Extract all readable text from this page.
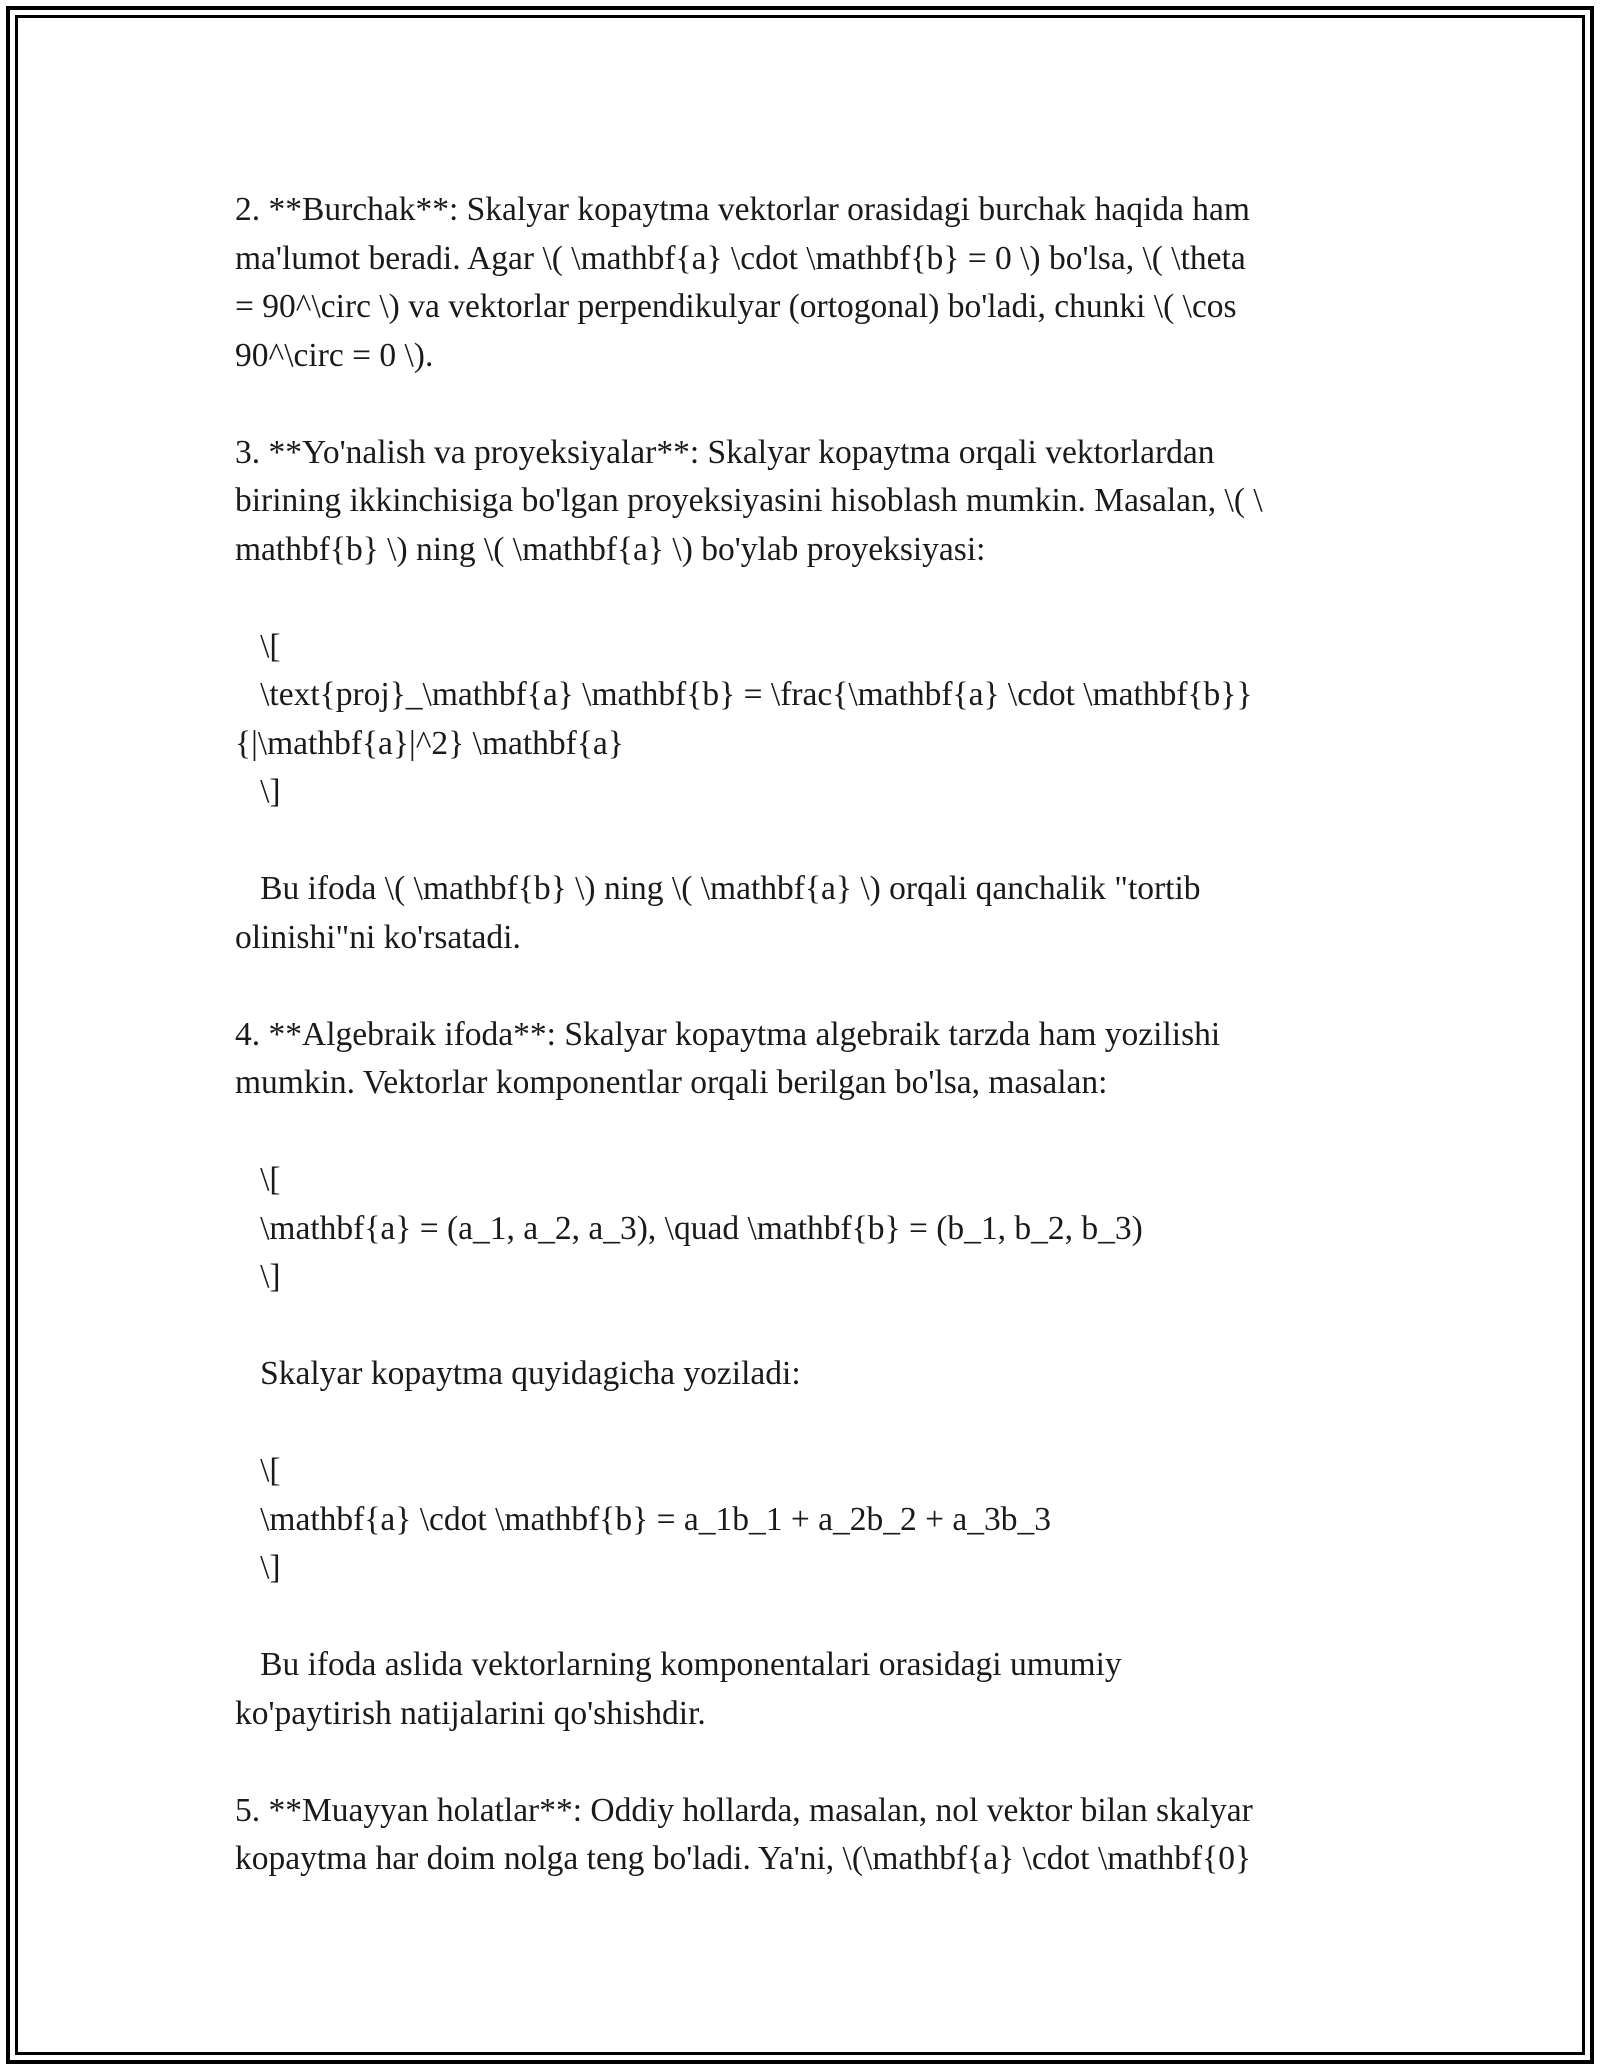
2. **Burchak**: Skalyar kopaytma vektorlar orasidagi burchak haqida ham

ma'lumot beradi. Agar \( \mathbf{a} \cdot \mathbf{b} = 0 \) bo'lsa, \( \theta

= 90^\circ \) va vektorlar perpendikulyar (ortogonal) bo'ladi, chunki \( \cos

90^\circ = 0 \).

3. **Yo'nalish va proyeksiyalar**: Skalyar kopaytma orqali vektorlardan

birining ikkinchisiga bo'lgan proyeksiyasini hisoblash mumkin. Masalan, \( \

mathbf{b} \) ning \( \mathbf{a} \) bo'ylab proyeksiyasi:

\[

\text{proj}_\mathbf{a} \mathbf{b} = \frac{\mathbf{a} \cdot \mathbf{b}}

{|\mathbf{a}|^2} \mathbf{a}

\]

Bu ifoda \( \mathbf{b} \) ning \( \mathbf{a} \) orqali qanchalik "tortib

olinishi"ni ko'rsatadi.

4. **Algebraik ifoda**: Skalyar kopaytma algebraik tarzda ham yozilishi

mumkin. Vektorlar komponentlar orqali berilgan bo'lsa, masalan:

\[

\mathbf{a} = (a_1, a_2, a_3), \quad \mathbf{b} = (b_1, b_2, b_3)

\]

Skalyar kopaytma quyidagicha yoziladi:

\[

\mathbf{a} \cdot \mathbf{b} = a_1b_1 + a_2b_2 + a_3b_3

\]

Bu ifoda aslida vektorlarning komponentalari orasidagi umumiy

ko'paytirish natijalarini qo'shishdir.

5. **Muayyan holatlar**: Oddiy hollarda, masalan, nol vektor bilan skalyar

kopaytma har doim nolga teng bo'ladi. Ya'ni, \(\mathbf{a} \cdot \mathbf{0}
